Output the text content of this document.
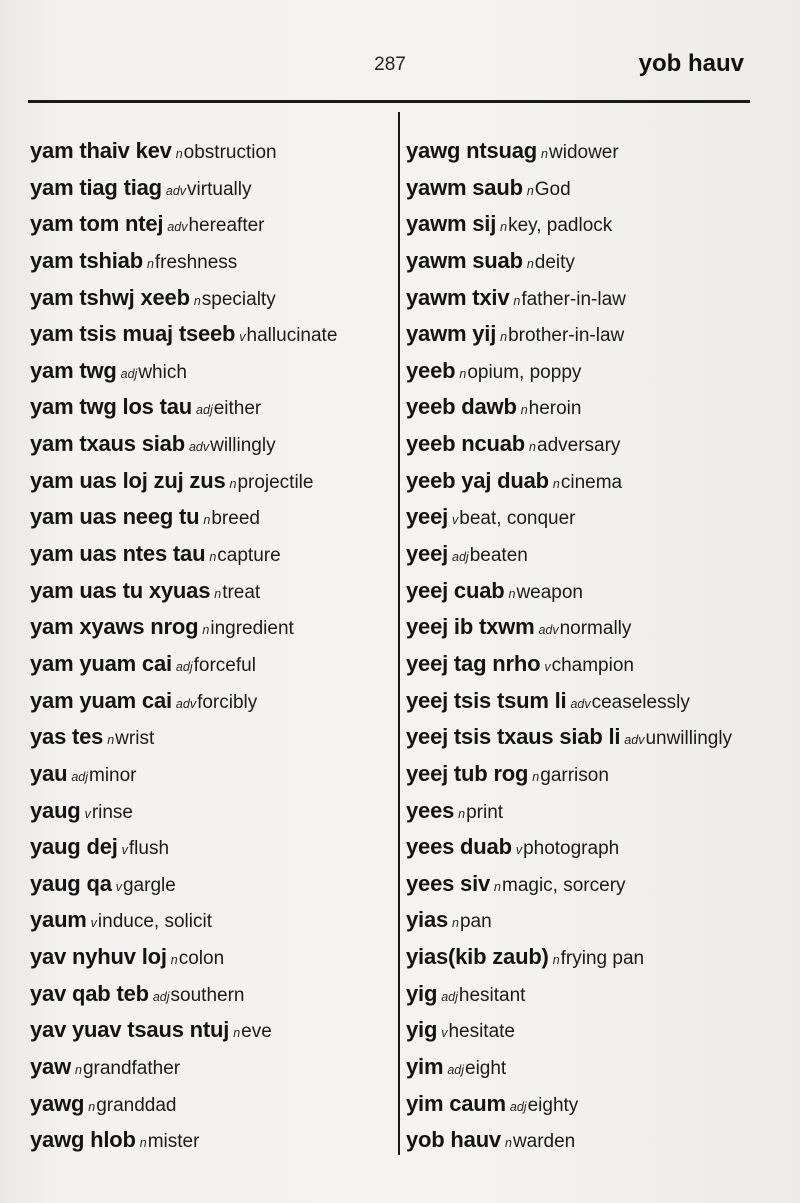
287	yob hauv
yam thaiv kev nobstruction
yam tiag tiag advvirtually
yam tom ntej advhereafter
yam tshiab nfreshness
yam tshwj xeeb nspecialty
yam tsis muaj tseeb vhallucinate
yam twg adjwhich
yam twg los tau adjeither
yam txaus siab advwillingly
yam uas loj zuj zus nprojectile
yam uas neeg tu nbreed
yam uas ntes tau ncapture
yam uas tu xyuas ntreat
yam xyaws nrog ningredient
yam yuam cai adjforceful
yam yuam cai advforcibly
yas tes nwrist
yau adjminor
yaug vrinse
yaug dej vflush
yaug qa vgargle
yaum vinduce, solicit
yav nyhuv loj ncolon
yav qab teb adjsouthern
yav yuav tsaus ntuj neve
yaw ngrandfather
yawg ngranddad
yawg hlob nmister
yawg ntsuag nwidower
yawm saub nGod
yawm sij nkey, padlock
yawm suab ndeity
yawm txiv nfather-in-law
yawm yij nbrother-in-law
yeeb nopium, poppy
yeeb dawb nheroin
yeeb ncuab nadversary
yeeb yaj duab ncinema
yeej vbeat, conquer
yeej adjbeaten
yeej cuab nweapon
yeej ib txwm advnormally
yeej tag nrho vchampion
yeej tsis tsum li advceaselessly
yeej tsis txaus siab li advunwillingly
yeej tub rog ngarrison
yees nprint
yees duab vphotograph
yees siv nmagic, sorcery
yias npan
yias(kib zaub) nfrying pan
yig adjhesitant
yig vhesitate
yim adjeight
yim caum adjeighty
yob hauv nwarden
